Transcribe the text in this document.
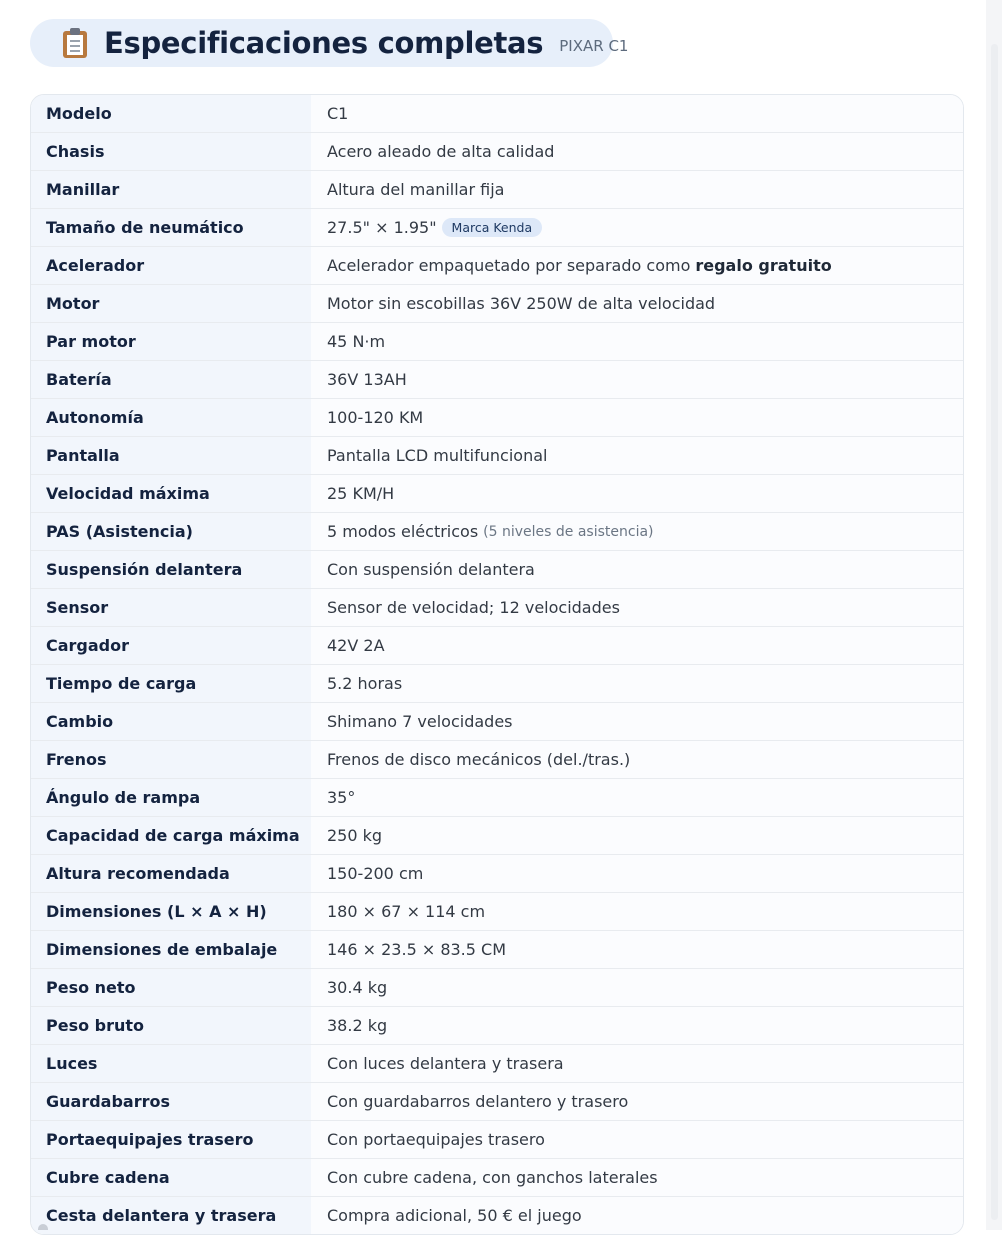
Especificaciones completas PIXAR C1
Modelo	C1
Chasis	Acero aleado de alta calidad
Manillar	Altura del manillar fija
Tamaño de neumático	27.5" × 1.95"	Marca Kenda
Acelerador	Acelerador empaquetado por separado como regalo gratuito
Motor	Motor sin escobillas 36V 250W de alta velocidad
Par motor	45 N·m
Batería	36V 13AH
Autonomía	100-120 KM
Pantalla	Pantalla LCD multifuncional
Velocidad máxima	25 KM/H
PAS (Asistencia)	5 modos eléctricos (5 niveles de asistencia)
Suspensión delantera	Con suspensión delantera
Sensor	Sensor de velocidad; 12 velocidades
Cargador	42V 2A
Tiempo de carga	5.2 horas
Cambio	Shimano 7 velocidades
Frenos	Frenos de disco mecánicos (del./tras.)
Ángulo de rampa	35°
Capacidad de carga máxima	250 kg
Altura recomendada	150-200 cm
Dimensiones (L × A × H)	180 × 67 × 114 cm
Dimensiones de embalaje	146 × 23.5 × 83.5 CM
Peso neto	30.4 kg
Peso bruto	38.2 kg
Luces	Con luces delantera y trasera
Guardabarros	Con guardabarros delantero y trasero
Portaequipajes trasero	Con portaequipajes trasero
Cubre cadena	Con cubre cadena, con ganchos laterales
Cesta delantera y trasera	Compra adicional, 50 € el juego
